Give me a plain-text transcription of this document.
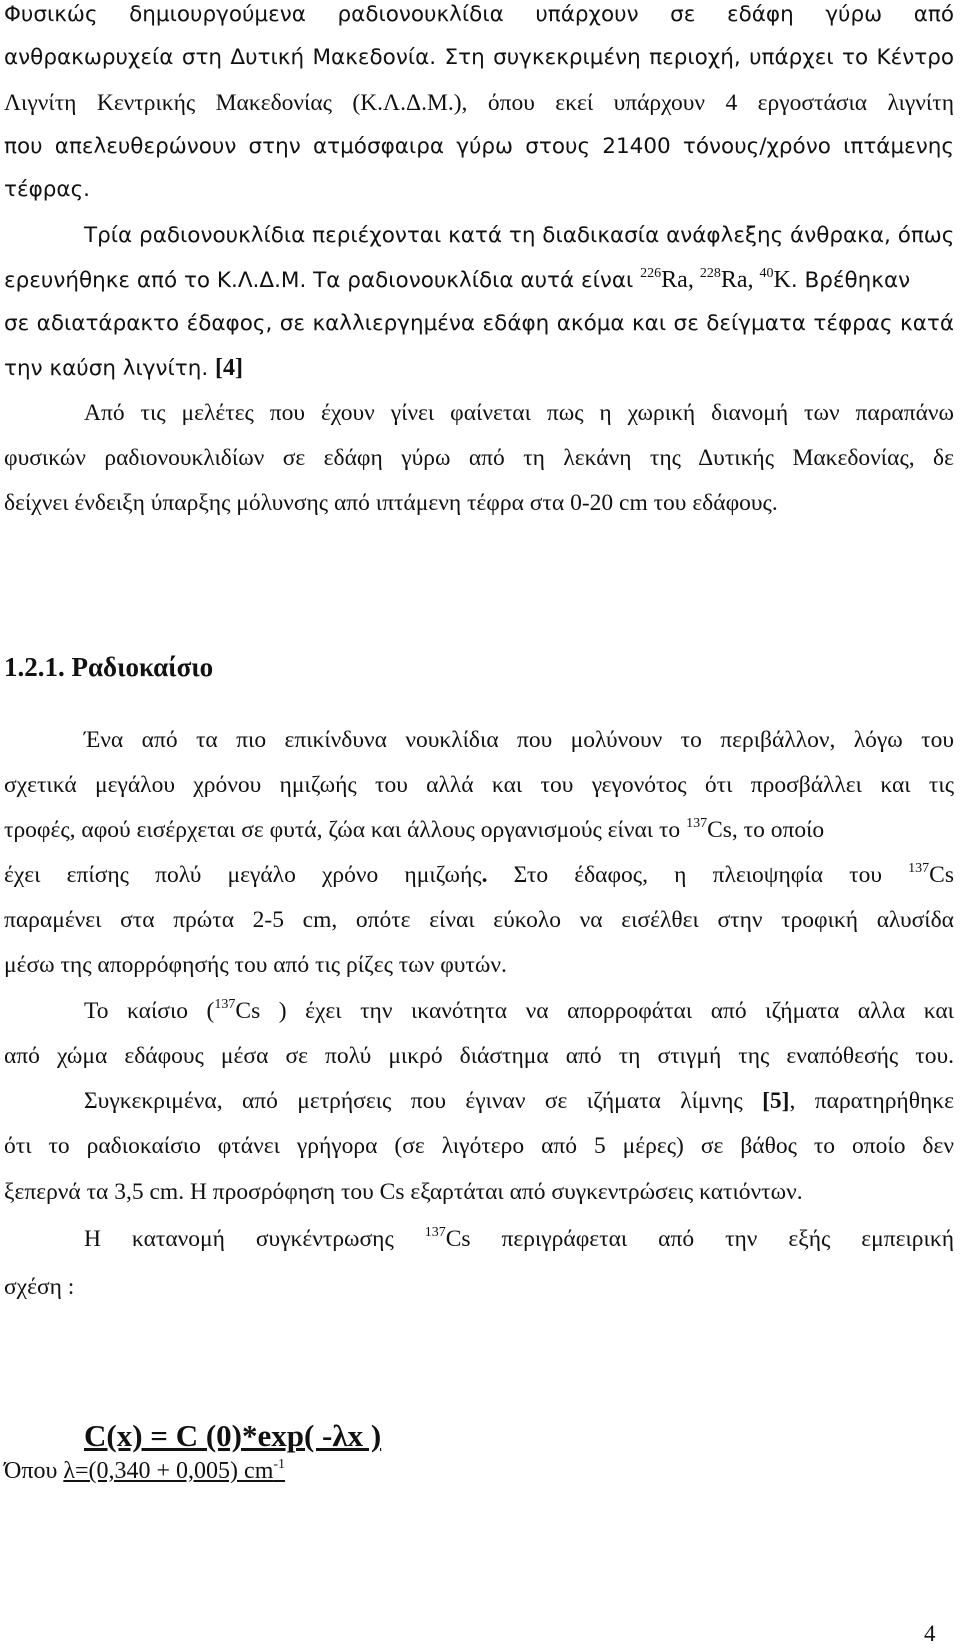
Φυσικώς δημιουργούμενα ραδιονουκλίδια υπάρχουν σε εδάφη γύρω από
ανθρακωρυχεία στη Δυτική Μακεδονία. Στη συγκεκριμένη περιοχή, υπάρχει το Κέντρο
Λιγνίτη Κεντρικής Μακεδονίας (Κ.Λ.Δ.Μ.), όπου εκεί υπάρχουν 4 εργοστάσια λιγνίτη
που απελευθερώνουν στην ατμόσφαιρα γύρω στους 21400 τόνους/χρόνο ιπτάμενης
τέφρας.
Τρία ραδιονουκλίδια περιέχονται κατά τη διαδικασία ανάφλεξης άνθρακα, όπως
ερευνήθηκε από το Κ.Λ.Δ.Μ. Τα ραδιονουκλίδια αυτά είναι $^{226}$Ra, $^{228}$Ra, $^{40}$K. Βρέθηκαν
σε αδιατάρακτο έδαφος, σε καλλιεργημένα εδάφη ακόμα και σε δείγματα τέφρας κατά
την καύση λιγνίτη. [4]
Από τις μελέτες που έχουν γίνει φαίνεται πως η χωρική διανομή των παραπάνω
φυσικών ραδιονουκλιδίων σε εδάφη γύρω από τη λεκάνη της Δυτικής Μακεδονίας, δε
δείχνει ένδειξη ύπαρξης μόλυνσης από ιπτάμενη τέφρα στα 0-20 cm του εδάφους.
1.2.1. Ραδιοκαίσιο
Ένα από τα πιο επικίνδυνα νουκλίδια που μολύνουν το περιβάλλον, λόγω του
σχετικά μεγάλου χρόνου ημιζωής του αλλά και του γεγονότος ότι προσβάλλει και τις
τροφές, αφού εισέρχεται σε φυτά, ζώα και άλλους οργανισμούς είναι το $^{137}$Cs, το οποίο
έχει επίσης πολύ μεγάλο χρόνο ημιζωής. Στο έδαφος, η πλειοψηφία του $^{137}$Cs
παραμένει στα πρώτα 2-5 cm, οπότε είναι εύκολο να εισέλθει στην τροφική αλυσίδα
μέσω της απορρόφησής του από τις ρίζες των φυτών.
Το καίσιο ($^{137}$Cs ) έχει την ικανότητα να απορροφάται από ιζήματα αλλα και
από χώμα εδάφους μέσα σε πολύ μικρό διάστημα από τη στιγμή της εναπόθεσής του.
Συγκεκριμένα, από μετρήσεις που έγιναν σε ιζήματα λίμνης [5], παρατηρήθηκε
ότι το ραδιοκαίσιο φτάνει γρήγορα (σε λιγότερο από 5 μέρες) σε βάθος το οποίο δεν
ξεπερνά τα 3,5 cm. Η προσρόφηση του Cs εξαρτάται από συγκεντρώσεις κατιόντων.
Η κατανομή συγκέντρωσης $^{137}$Cs περιγράφεται από την εξής εμπειρική
σχέση :
C(x) = C (0)*exp( -λx )
Όπου λ=(0,340 + 0,005) $cm^{-1}$
4
